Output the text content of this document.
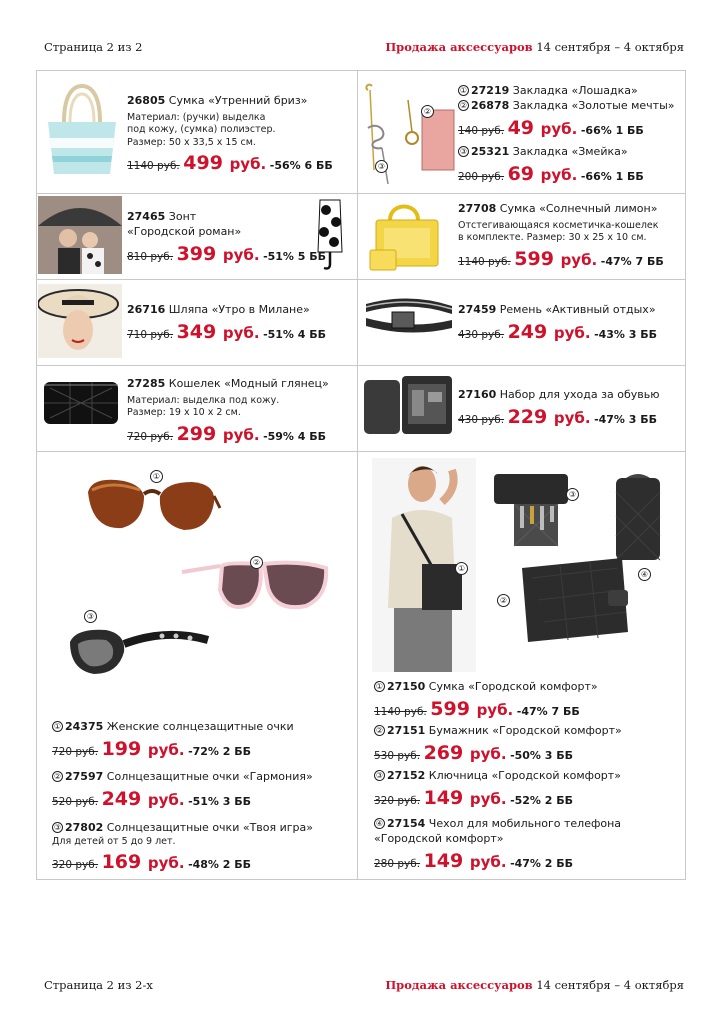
Страница 2 из 2	Продажа аксессуаров 14 сентября – 4 октября
26805 Сумка «Утренний бриз»
Материал: (ручки) выделка
под кожу, (сумка) полиэстер.
Размер: 50 х 33,5 х 15 см.
1140 руб. 499 руб. -56% 6 ББ
②
③
① 27219 Закладка «Лошадка»
② 26878 Закладка «Золотые мечты»
140 руб. 49 руб. -66% 1 ББ
③ 25321 Закладка «Змейка»
200 руб. 69 руб. -66% 1 ББ
27465 Зонт
«Городской роман»
810 руб. 399 руб. -51% 5 ББ
27708 Сумка «Солнечный лимон»
Отстегивающаяся косметичка-кошелек
в комплекте. Размер: 30 х 25 х 10 см.
1140 руб. 599 руб. -47% 7 ББ
26716 Шляпа «Утро в Милане»
710 руб. 349 руб. -51% 4 ББ
27459 Ремень «Активный отдых»
430 руб. 249 руб. -43% 3 ББ
27285 Кошелек «Модный глянец»
Материал: выделка под кожу.
Размер: 19 х 10 х 2 см.
720 руб. 299 руб. -59% 4 ББ
27160 Набор для ухода за обувью
430 руб. 229 руб. -47% 3 ББ
①
②
③
① 24375 Женские солнцезащитные очки
720 руб. 199 руб. -72% 2 ББ
② 27597 Солнцезащитные очки «Гармония»
520 руб. 249 руб. -51% 3 ББ
③ 27802 Солнцезащитные очки «Твоя игра»
Для детей от 5 до 9 лет.
320 руб. 169 руб. -48% 2 ББ
①
③
④
②
① 27150 Сумка «Городской комфорт»
1140 руб. 599 руб. -47% 7 ББ
② 27151 Бумажник «Городской комфорт»
530 руб. 269 руб. -50% 3 ББ
③ 27152 Ключница «Городской комфорт»
320 руб. 149 руб. -52% 2 ББ
④ 27154 Чехол для мобильного телефона
«Городской комфорт»
280 руб. 149 руб. -47% 2 ББ
Страница 2 из 2-х	Продажа аксессуаров 14 сентября – 4 октября
